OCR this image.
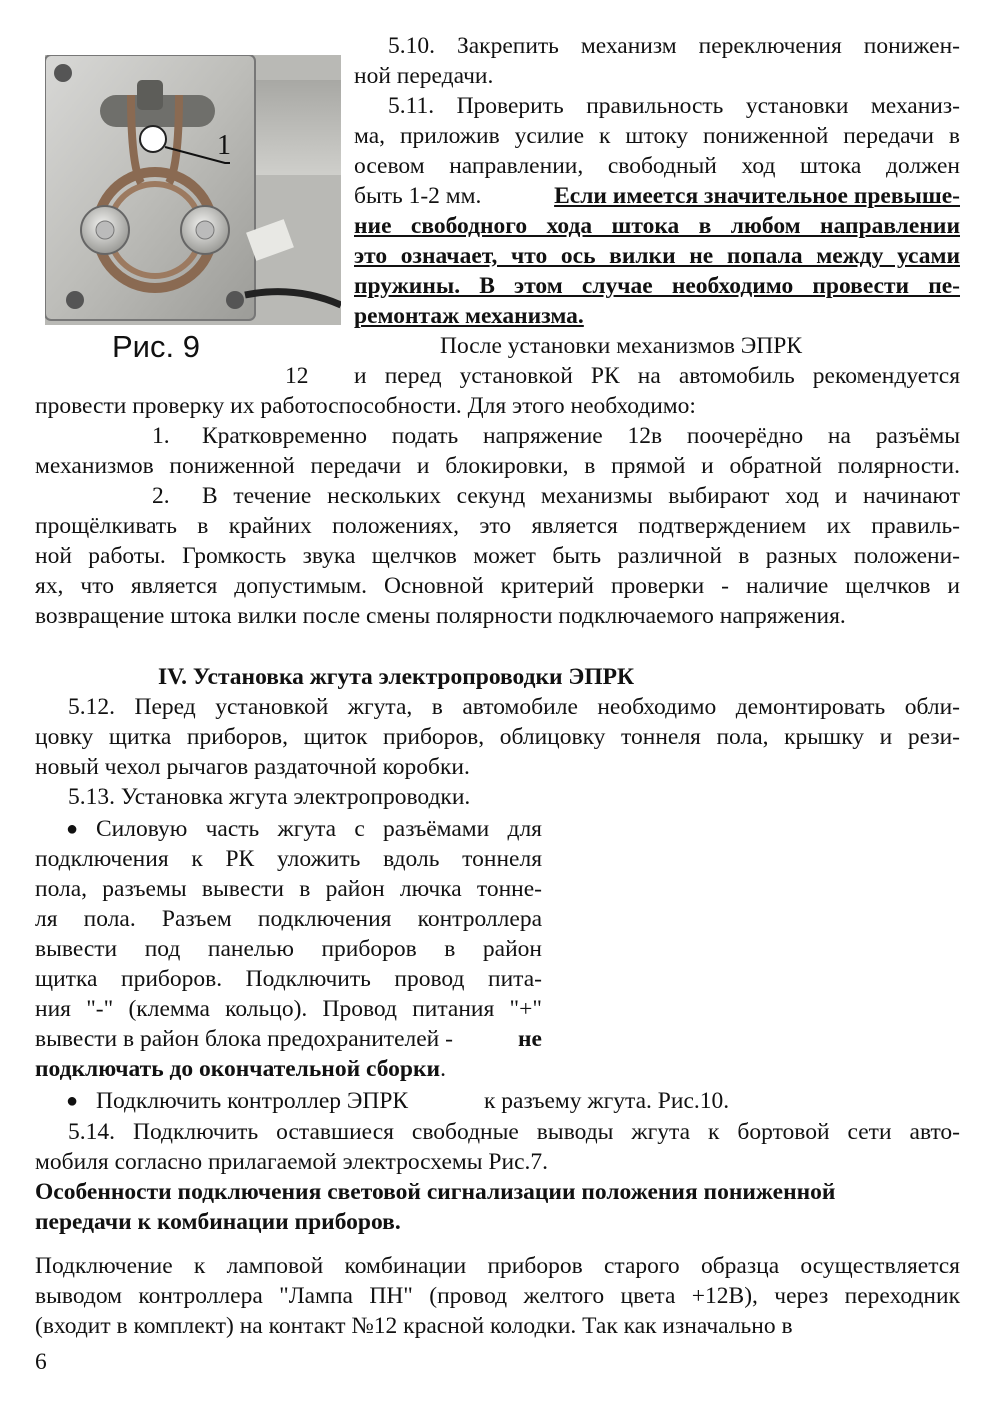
1
Рис. 9
5.10. Закрепить механизм переключения понижен-
ной передачи.
5.11. Проверить правильность установки механиз-
ма, приложив усилие к штоку пониженной передачи в
осевом направлении, свободный ход штока должен
быть 1-2 мм.	Если имеется значительное превыше-
ние свободного хода штока в любом направлении
это означает, что ось вилки не попала между усами
пружины. В этом случае необходимо провести пе-
ремонтаж механизма.
После установки механизмов ЭПРК
12 и перед установкой РК на автомобиль рекомендуется
провести проверку их работоспособности. Для этого необходимо:
1. Кратковременно подать напряжение 12в поочерёдно на разъёмы
механизмов пониженной передачи и блокировки, в прямой и обратной полярности.
2. В течение нескольких секунд механизмы выбирают ход и начинают
прощёлкивать в крайних положениях, это является подтверждением их правиль-
ной работы. Громкость звука щелчков может быть различной в разных положени-
ях, что является допустимым. Основной критерий проверки - наличие щелчков и
возвращение штока вилки после смены полярности подключаемого напряжения.
IV. Установка жгута электропроводки ЭПРК
5.12. Перед установкой жгута, в автомобиле необходимо демонтировать обли-
цовку щитка приборов, щиток приборов, облицовку тоннеля пола, крышку и рези-
новый чехол рычагов раздаточной коробки.
5.13. Установка жгута электропроводки.
● Силовую часть жгута с разъёмами для
подключения к РК уложить вдоль тоннеля
пола, разъемы вывести в район лючка тонне-
ля пола. Разъем подключения контроллера
вывести под панелью приборов в район
щитка приборов. Подключить провод пита-
ния "-" (клемма кольцо). Провод питания "+"
вывести в район блока предохранителей -	не
подключать до окончательной сборки.
● Подключить контроллер ЭПРК	к разъему жгута. Рис.10.
5.14. Подключить оставшиеся свободные выводы жгута к бортовой сети авто-
мобиля согласно прилагаемой электросхемы Рис.7.
Особенности подключения световой сигнализации положения пониженной
передачи к комбинации приборов.
Подключение к ламповой комбинации приборов старого образца осуществляется
выводом контроллера "Лампа ПН" (провод желтого цвета +12В), через переходник
(входит в комплект) на контакт №12 красной колодки. Так как изначально в
6
